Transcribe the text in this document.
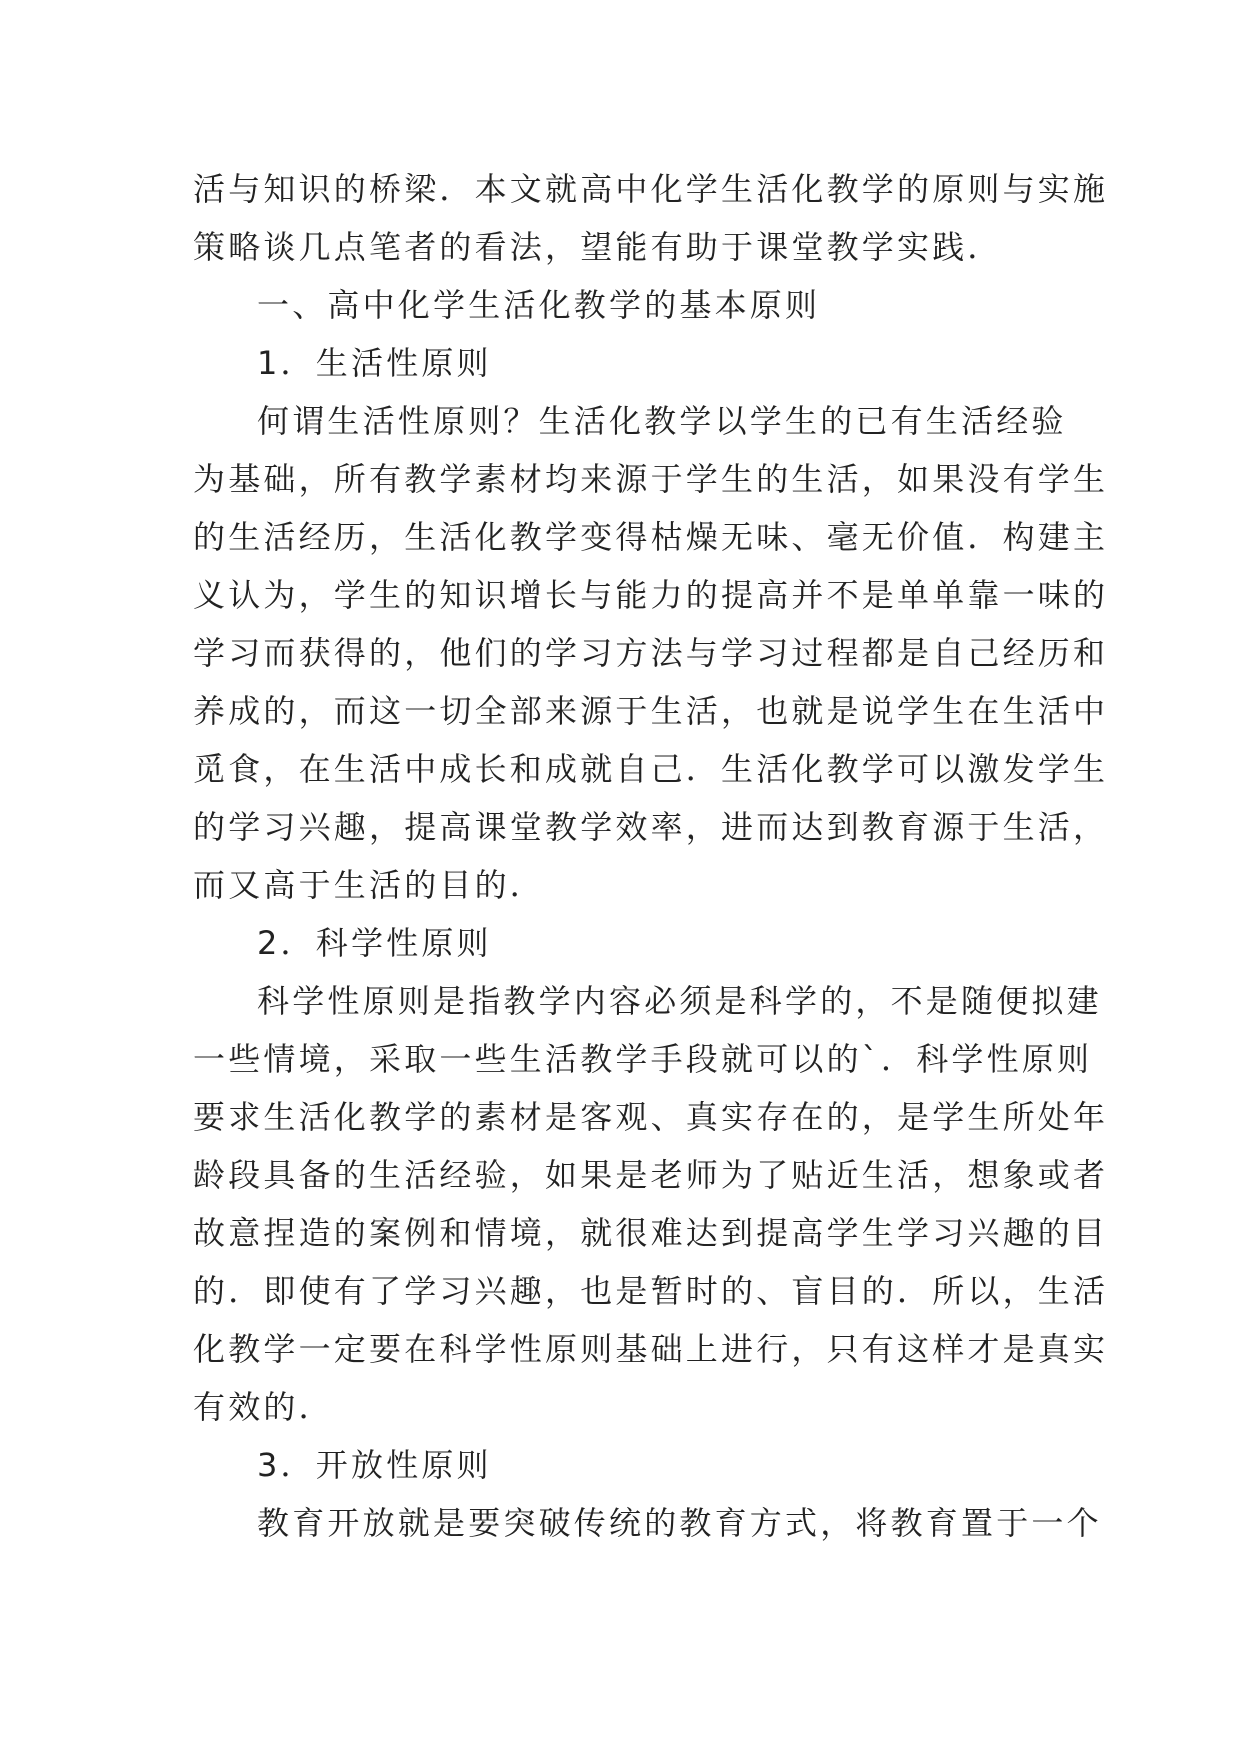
活与知识的桥梁．本文就高中化学生活化教学的原则与实施
策略谈几点笔者的看法，望能有助于课堂教学实践．
一、高中化学生活化教学的基本原则
1．生活性原则
何谓生活性原则？生活化教学以学生的已有生活经验
为基础，所有教学素材均来源于学生的生活，如果没有学生
的生活经历，生活化教学变得枯燥无味、毫无价值．构建主
义认为，学生的知识增长与能力的提高并不是单单靠一味的
学习而获得的，他们的学习方法与学习过程都是自己经历和
养成的，而这一切全部来源于生活，也就是说学生在生活中
觅食，在生活中成长和成就自己．生活化教学可以激发学生
的学习兴趣，提高课堂教学效率，进而达到教育源于生活，
而又高于生活的目的．
2．科学性原则
科学性原则是指教学内容必须是科学的，不是随便拟建
一些情境，采取一些生活教学手段就可以的`．科学性原则
要求生活化教学的素材是客观、真实存在的，是学生所处年
龄段具备的生活经验，如果是老师为了贴近生活，想象或者
故意捏造的案例和情境，就很难达到提高学生学习兴趣的目
的．即使有了学习兴趣，也是暂时的、盲目的．所以，生活
化教学一定要在科学性原则基础上进行，只有这样才是真实
有效的．
3．开放性原则
教育开放就是要突破传统的教育方式，将教育置于一个
